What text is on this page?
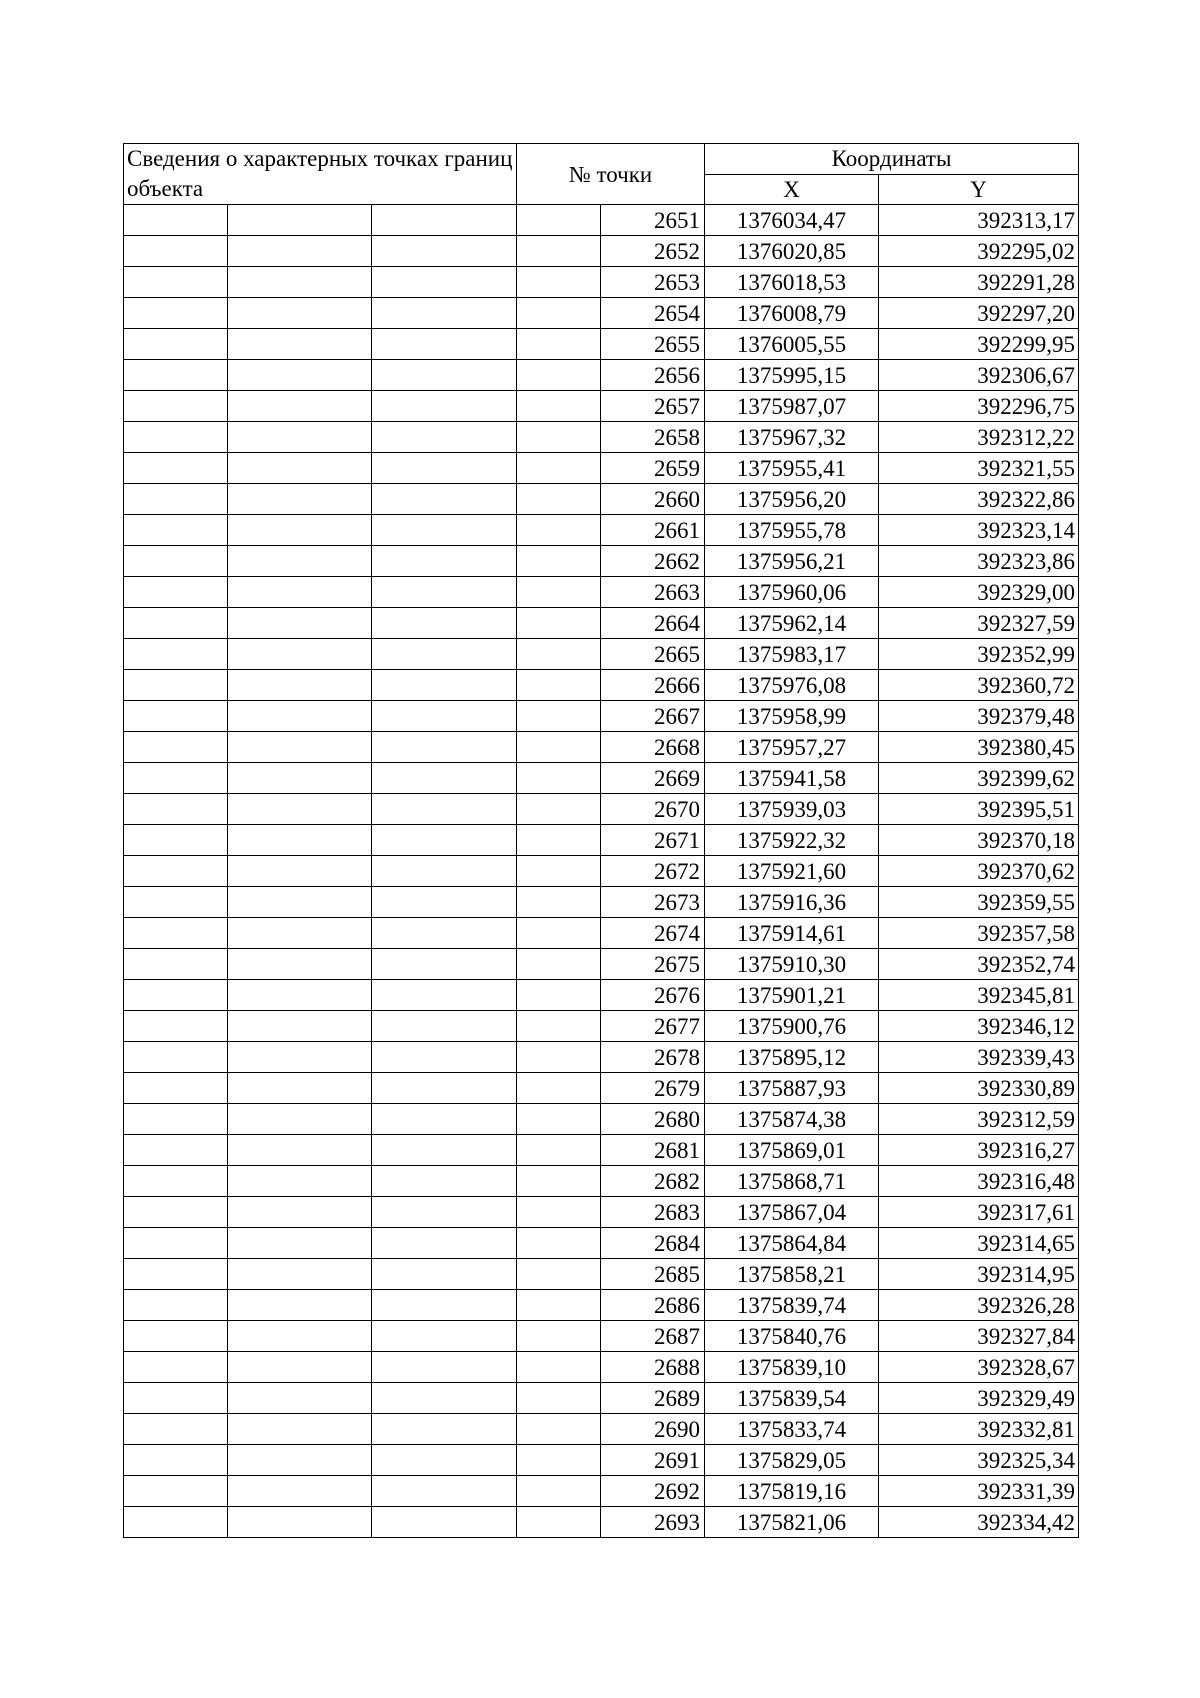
Сведения о характерных точках границ объекта			№ точки		Координаты	
					X	Y
				2651	1376034,47	392313,17
				2652	1376020,85	392295,02
				2653	1376018,53	392291,28
				2654	1376008,79	392297,20
				2655	1376005,55	392299,95
				2656	1375995,15	392306,67
				2657	1375987,07	392296,75
				2658	1375967,32	392312,22
				2659	1375955,41	392321,55
				2660	1375956,20	392322,86
				2661	1375955,78	392323,14
				2662	1375956,21	392323,86
				2663	1375960,06	392329,00
				2664	1375962,14	392327,59
				2665	1375983,17	392352,99
				2666	1375976,08	392360,72
				2667	1375958,99	392379,48
				2668	1375957,27	392380,45
				2669	1375941,58	392399,62
				2670	1375939,03	392395,51
				2671	1375922,32	392370,18
				2672	1375921,60	392370,62
				2673	1375916,36	392359,55
				2674	1375914,61	392357,58
				2675	1375910,30	392352,74
				2676	1375901,21	392345,81
				2677	1375900,76	392346,12
				2678	1375895,12	392339,43
				2679	1375887,93	392330,89
				2680	1375874,38	392312,59
				2681	1375869,01	392316,27
				2682	1375868,71	392316,48
				2683	1375867,04	392317,61
				2684	1375864,84	392314,65
				2685	1375858,21	392314,95
				2686	1375839,74	392326,28
				2687	1375840,76	392327,84
				2688	1375839,10	392328,67
				2689	1375839,54	392329,49
				2690	1375833,74	392332,81
				2691	1375829,05	392325,34
				2692	1375819,16	392331,39
				2693	1375821,06	392334,42
